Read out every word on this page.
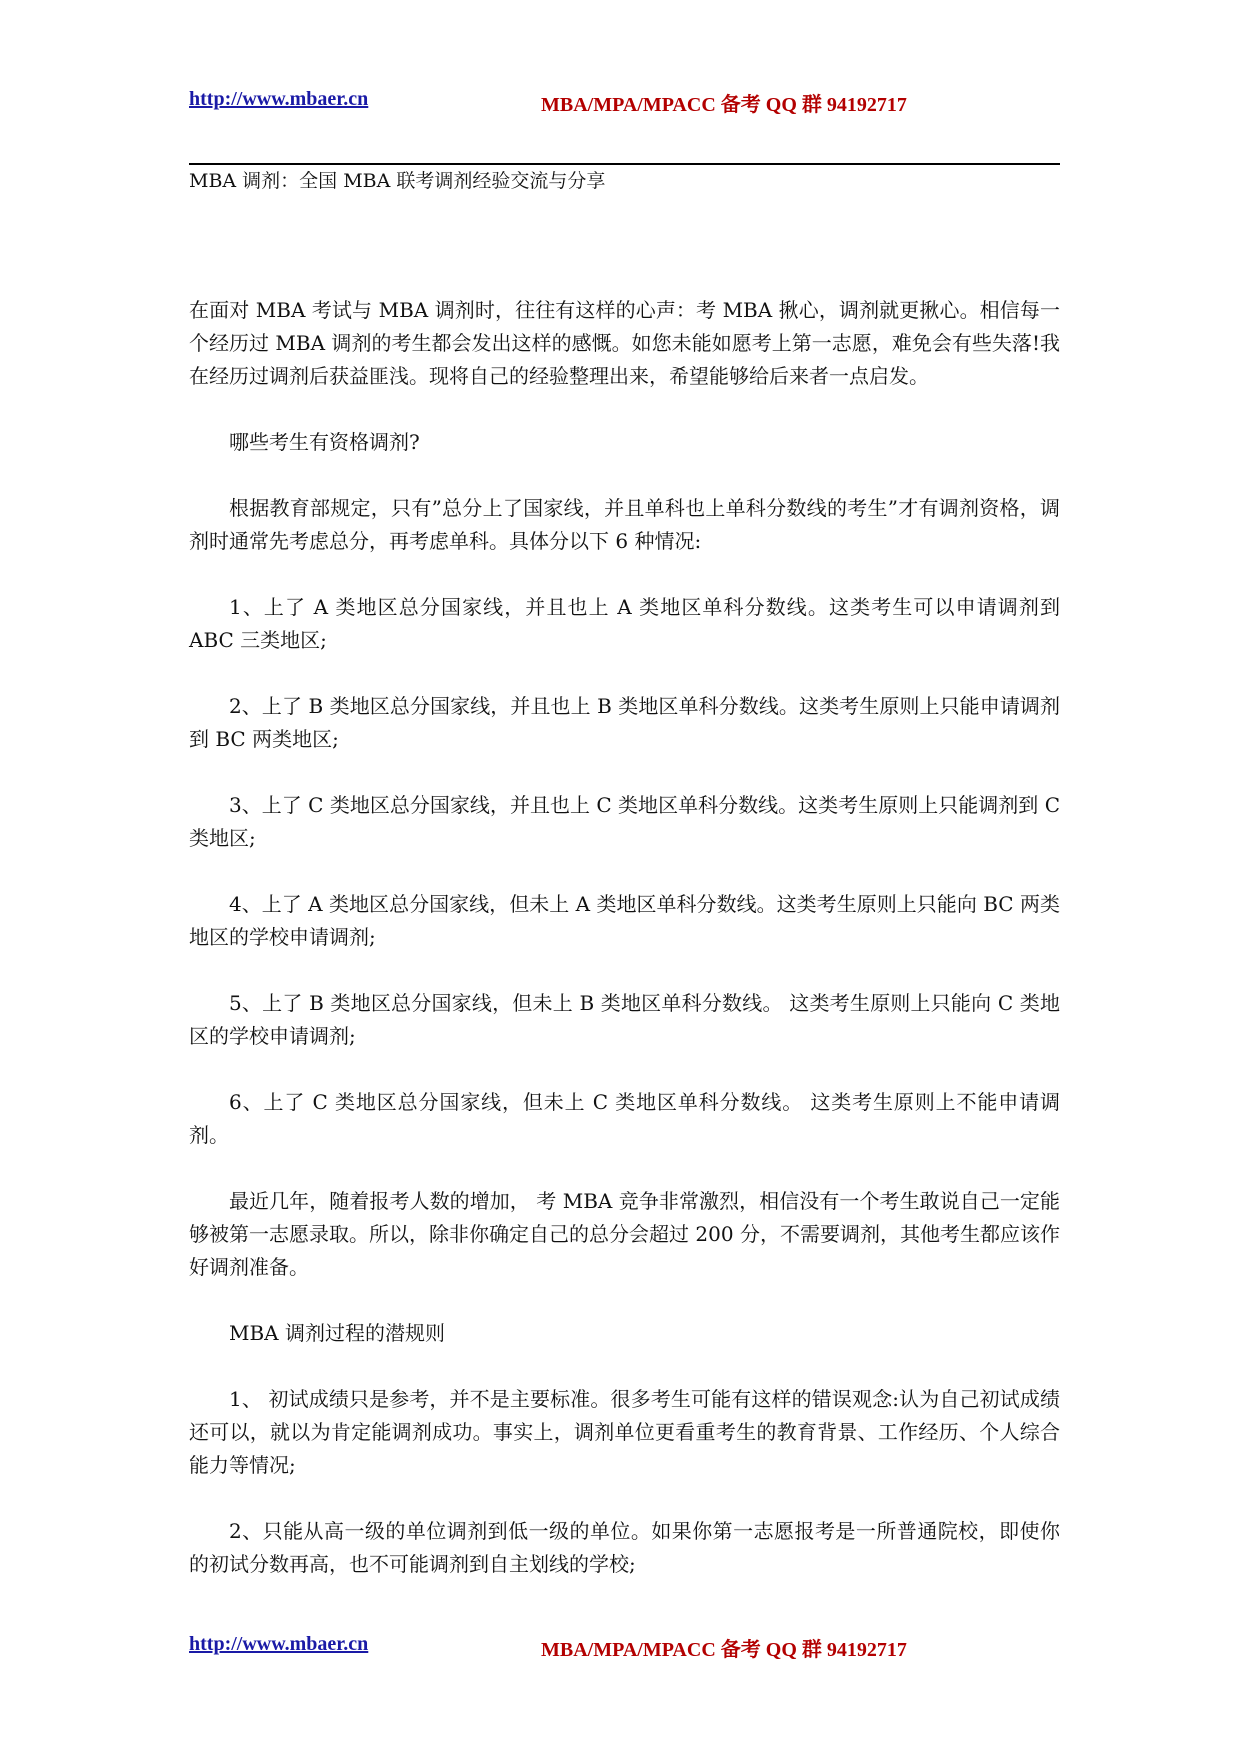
http://www.mbaer.cn	MBA/MPA/MPACC 备考 QQ 群 94192717
MBA 调剂：全国 MBA 联考调剂经验交流与分享

在面对 MBA 考试与 MBA 调剂时，往往有这样的心声：考 MBA 揪心，调剂就更揪心。相信每一个经历过 MBA 调剂的考生都会发出这样的感慨。如您未能如愿考上第一志愿，难免会有些失落!我在经历过调剂后获益匪浅。现将自己的经验整理出来，希望能够给后来者一点启发。

哪些考生有资格调剂?

根据教育部规定，只有”总分上了国家线，并且单科也上单科分数线的考生”才有调剂资格，调剂时通常先考虑总分，再考虑单科。具体分以下 6 种情况:

1、上了 A 类地区总分国家线，并且也上 A 类地区单科分数线。这类考生可以申请调剂到 ABC 三类地区;

2、上了 B 类地区总分国家线，并且也上 B 类地区单科分数线。这类考生原则上只能申请调剂到 BC 两类地区;

3、上了 C 类地区总分国家线，并且也上 C 类地区单科分数线。这类考生原则上只能调剂到 C 类地区;

4、上了 A 类地区总分国家线，但未上 A 类地区单科分数线。这类考生原则上只能向 BC 两类地区的学校申请调剂;

5、上了 B 类地区总分国家线，但未上 B 类地区单科分数线。 这类考生原则上只能向 C 类地区的学校申请调剂;

6、上了 C 类地区总分国家线，但未上 C 类地区单科分数线。 这类考生原则上不能申请调剂。

最近几年，随着报考人数的增加， 考 MBA 竞争非常激烈，相信没有一个考生敢说自己一定能够被第一志愿录取。所以，除非你确定自己的总分会超过 200 分，不需要调剂，其他考生都应该作好调剂准备。

MBA 调剂过程的潜规则

1、 初试成绩只是参考，并不是主要标准。很多考生可能有这样的错误观念:认为自己初试成绩还可以，就以为肯定能调剂成功。事实上，调剂单位更看重考生的教育背景、工作经历、个人综合能力等情况;

2、只能从高一级的单位调剂到低一级的单位。如果你第一志愿报考是一所普通院校，即使你的初试分数再高，也不可能调剂到自主划线的学校;

http://www.mbaer.cn	MBA/MPA/MPACC 备考 QQ 群 94192717
